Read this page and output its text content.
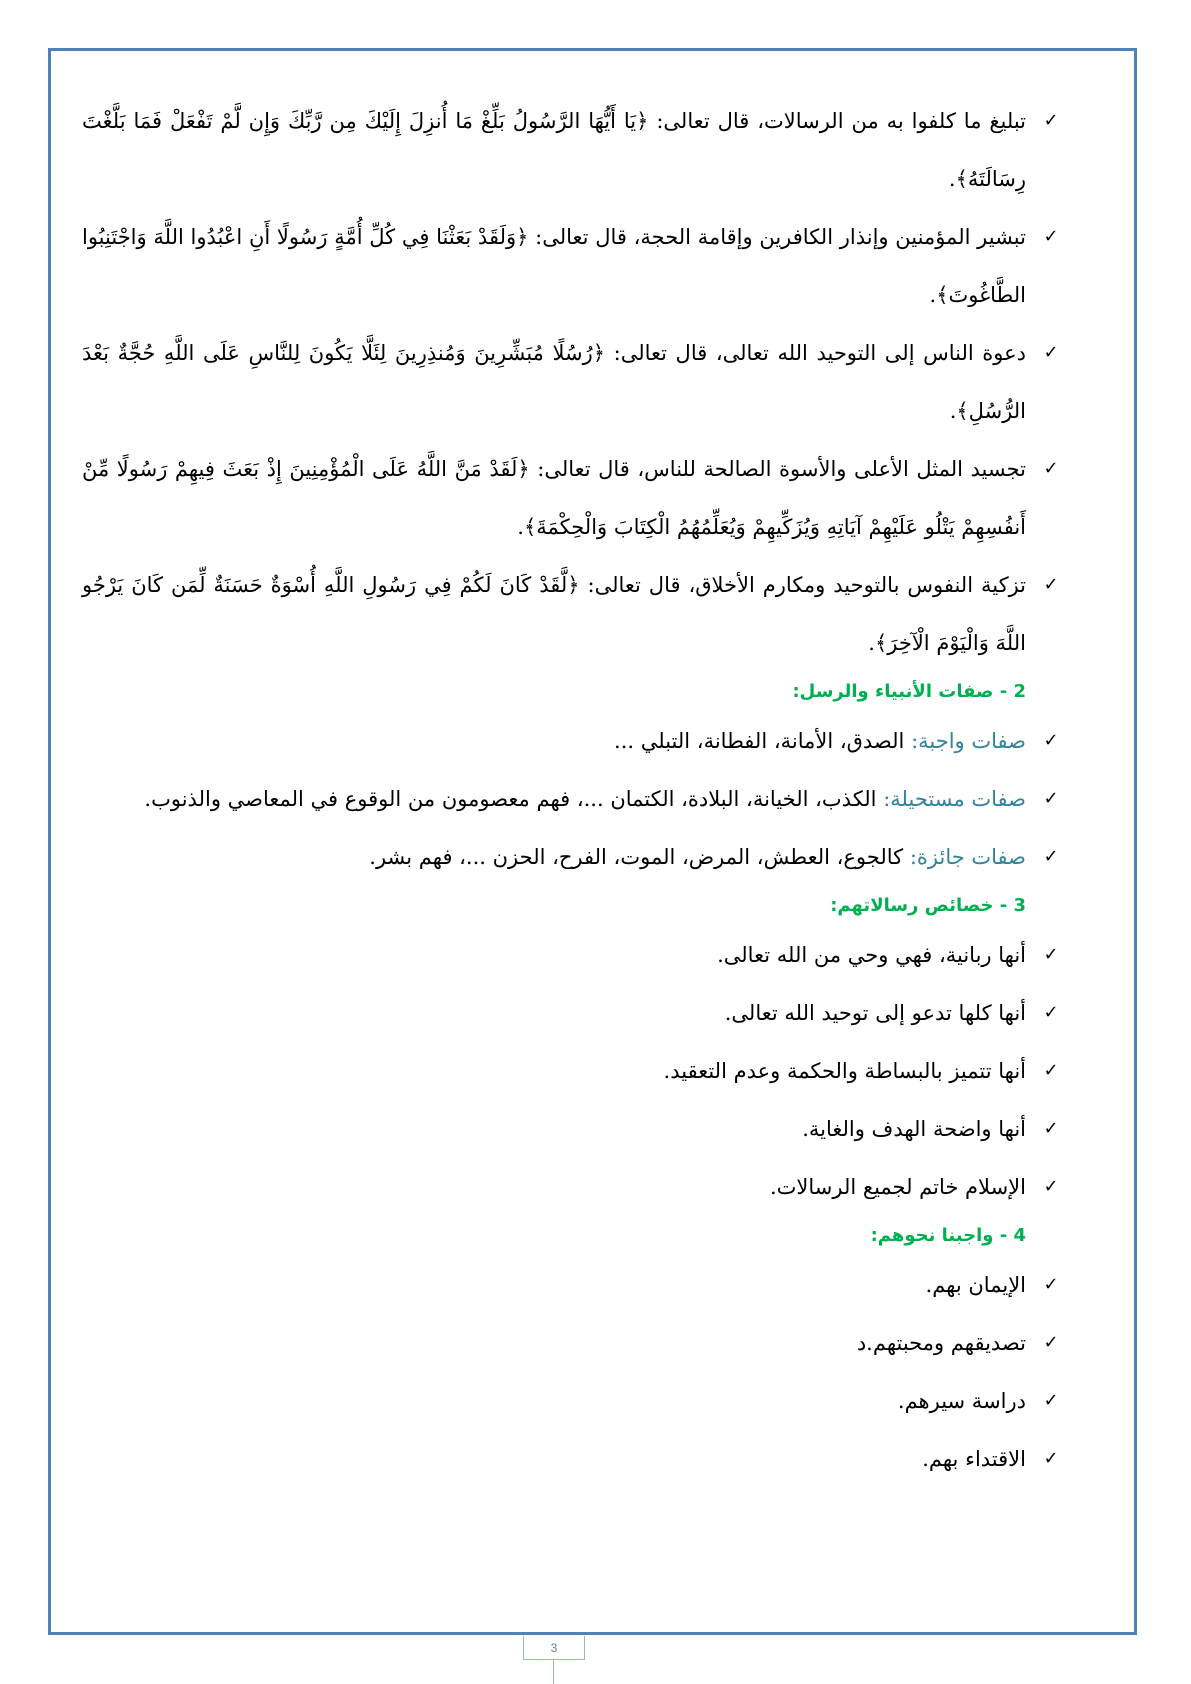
✓
تبليغ ما كلفوا به من الرسالات، قال تعالى: ﴿يَا أَيُّهَا الرَّسُولُ بَلِّغْ مَا أُنزِلَ إِلَيْكَ مِن رَّبِّكَ وَإِن لَّمْ تَفْعَلْ فَمَا بَلَّغْتَ رِسَالَتَهُ﴾.
✓
تبشير المؤمنين وإنذار الكافرين وإقامة الحجة، قال تعالى: ﴿وَلَقَدْ بَعَثْنَا فِي كُلِّ أُمَّةٍ رَسُولًا أَنِ اعْبُدُوا اللَّهَ وَاجْتَنِبُوا الطَّاغُوتَ﴾.
✓
دعوة الناس إلى التوحيد الله تعالى، قال تعالى: ﴿رُسُلًا مُبَشِّرِينَ وَمُنذِرِينَ لِئَلَّا يَكُونَ لِلنَّاسِ عَلَى اللَّهِ حُجَّةٌ بَعْدَ الرُّسُلِ﴾.
✓
تجسيد المثل الأعلى والأسوة الصالحة للناس، قال تعالى: ﴿لَقَدْ مَنَّ اللَّهُ عَلَى الْمُؤْمِنِينَ إِذْ بَعَثَ فِيهِمْ رَسُولًا مِّنْ أَنفُسِهِمْ يَتْلُو عَلَيْهِمْ آيَاتِهِ وَيُزَكِّيهِمْ وَيُعَلِّمُهُمُ الْكِتَابَ وَالْحِكْمَةَ﴾.
✓
تزكية النفوس بالتوحيد ومكارم الأخلاق، قال تعالى: ﴿لَّقَدْ كَانَ لَكُمْ فِي رَسُولِ اللَّهِ أُسْوَةٌ حَسَنَةٌ لِّمَن كَانَ يَرْجُو اللَّهَ وَالْيَوْمَ الْآخِرَ﴾.
2 - صفات الأنبياء والرسل:
✓
صفات واجبة: الصدق، الأمانة، الفطانة، التبلي ...
✓
صفات مستحيلة: الكذب، الخيانة، البلادة، الكتمان ...، فهم معصومون من الوقوع في المعاصي والذنوب.
✓
صفات جائزة: كالجوع، العطش، المرض، الموت، الفرح، الحزن ...، فهم بشر.
3 - خصائص رسالاتهم:
✓
أنها ربانية، فهي وحي من الله تعالى.
✓
أنها كلها تدعو إلى توحيد الله تعالى.
✓
أنها تتميز بالبساطة والحكمة وعدم التعقيد.
✓
أنها واضحة الهدف والغاية.
✓
الإسلام خاتم لجميع الرسالات.
4 - واجبنا نحوهم:
✓
الإيمان بهم.
✓
تصديقهم ومحبتهم.د
✓
دراسة سيرهم.
✓
الاقتداء بهم.
3
